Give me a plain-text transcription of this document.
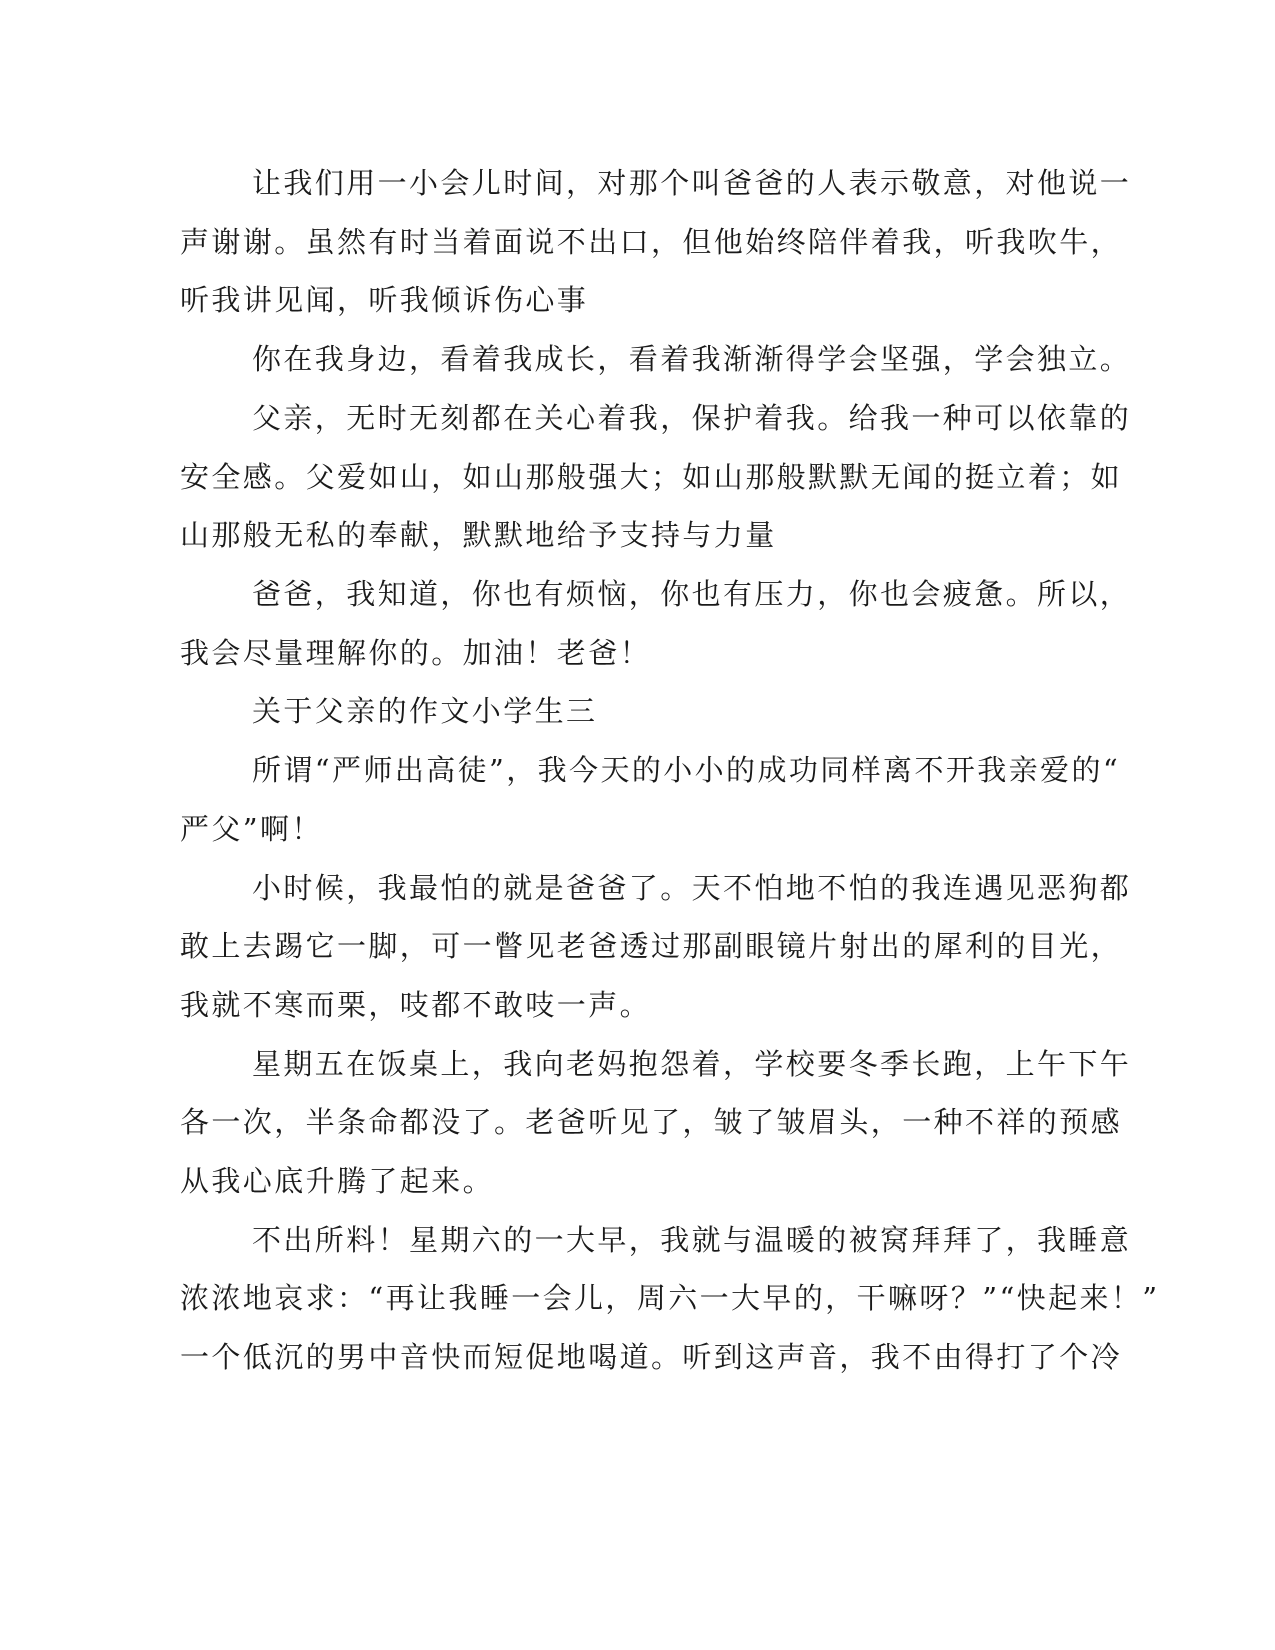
让我们用一小会儿时间，对那个叫爸爸的人表示敬意，对他说一
声谢谢。虽然有时当着面说不出口，但他始终陪伴着我，听我吹牛，
听我讲见闻，听我倾诉伤心事
你在我身边，看着我成长，看着我渐渐得学会坚强，学会独立。
父亲，无时无刻都在关心着我，保护着我。给我一种可以依靠的
安全感。父爱如山，如山那般强大；如山那般默默无闻的挺立着；如
山那般无私的奉献，默默地给予支持与力量
爸爸，我知道，你也有烦恼，你也有压力，你也会疲惫。所以，
我会尽量理解你的。加油！老爸！
关于父亲的作文小学生三
所谓“严师出高徒”，我今天的小小的成功同样离不开我亲爱的“
严父”啊！
小时候，我最怕的就是爸爸了。天不怕地不怕的我连遇见恶狗都
敢上去踢它一脚，可一瞥见老爸透过那副眼镜片射出的犀利的目光，
我就不寒而栗，吱都不敢吱一声。
星期五在饭桌上，我向老妈抱怨着，学校要冬季长跑，上午下午
各一次，半条命都没了。老爸听见了，皱了皱眉头，一种不祥的预感
从我心底升腾了起来。
不出所料！星期六的一大早，我就与温暖的被窝拜拜了，我睡意
浓浓地哀求：“再让我睡一会儿，周六一大早的，干嘛呀？”“快起来！”
一个低沉的男中音快而短促地喝道。听到这声音，我不由得打了个冷
